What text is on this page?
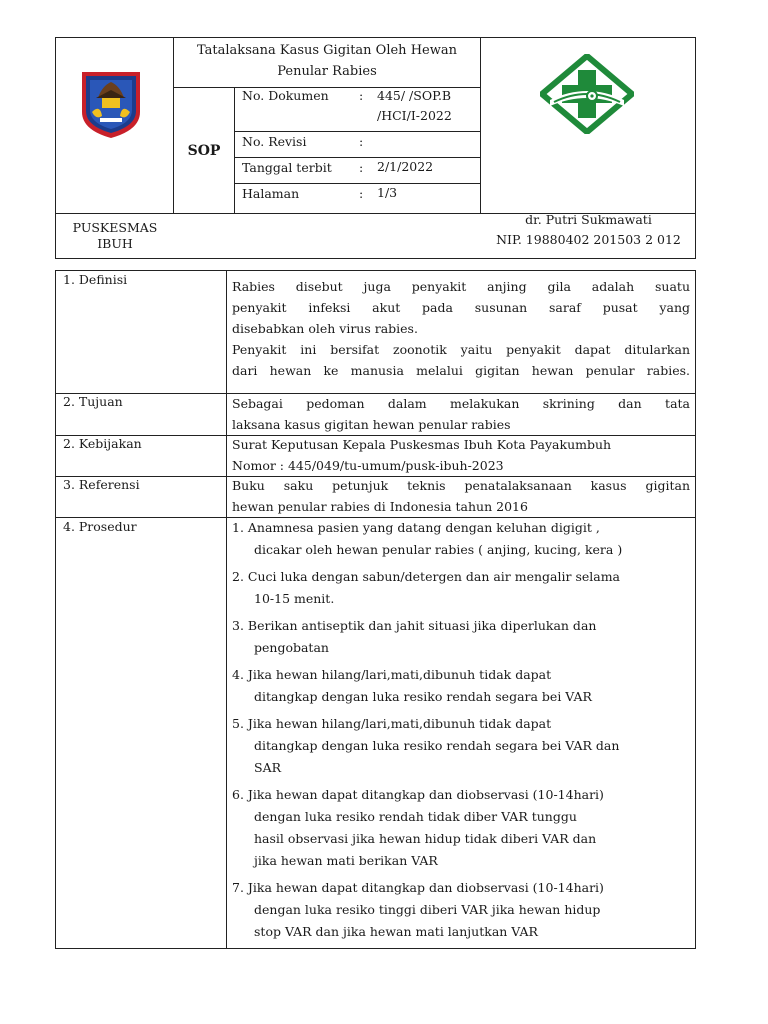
Tatalaksana Kasus Gigitan Oleh Hewan
Penular Rabies
SOP
No. Dokumen : 445/ /SOP.B
/HCI/I-2022
No. Revisi	:
Tanggal terbit : 2/1/2022
Halaman	: 1/3
PUSKESMAS
IBUH
dr. Putri Sukmawati
NIP. 19880402 201503 2 012
1. Definisi	Rabies disebut juga penyakit anjing gila adalah suatu
penyakit infeksi akut pada susunan saraf pusat yang
disebabkan oleh virus rabies.
Penyakit ini bersifat zoonotik yaitu penyakit dapat ditularkan
dari hewan ke manusia melalui gigitan hewan penular rabies.
2. Tujuan	Sebagai pedoman dalam melakukan skrining dan tata
laksana kasus gigitan hewan penular rabies
2. Kebijakan	Surat Keputusan Kepala Puskesmas Ibuh Kota Payakumbuh
Nomor : 445/049/tu-umum/pusk-ibuh-2023
3. Referensi	Buku saku petunjuk teknis penatalaksanaan kasus gigitan
hewan penular rabies di Indonesia tahun 2016
4. Prosedur	1. Anamnesa pasien yang datang dengan keluhan digigit ,
dicakar oleh hewan penular rabies ( anjing, kucing, kera )
2. Cuci luka dengan sabun/detergen dan air mengalir selama
10-15 menit.
3. Berikan antiseptik dan jahit situasi jika diperlukan dan
pengobatan
4. Jika hewan hilang/lari,mati,dibunuh tidak dapat
ditangkap dengan luka resiko rendah segara bei VAR
5. Jika hewan hilang/lari,mati,dibunuh tidak dapat
ditangkap dengan luka resiko rendah segara bei VAR dan
SAR
6. Jika hewan dapat ditangkap dan diobservasi (10-14hari)
dengan luka resiko rendah tidak diber VAR tunggu
hasil observasi jika hewan hidup tidak diberi VAR dan
jika hewan mati berikan VAR
7. Jika hewan dapat ditangkap dan diobservasi (10-14hari)
dengan luka resiko tinggi diberi VAR jika hewan hidup
stop VAR dan jika hewan mati lanjutkan VAR
